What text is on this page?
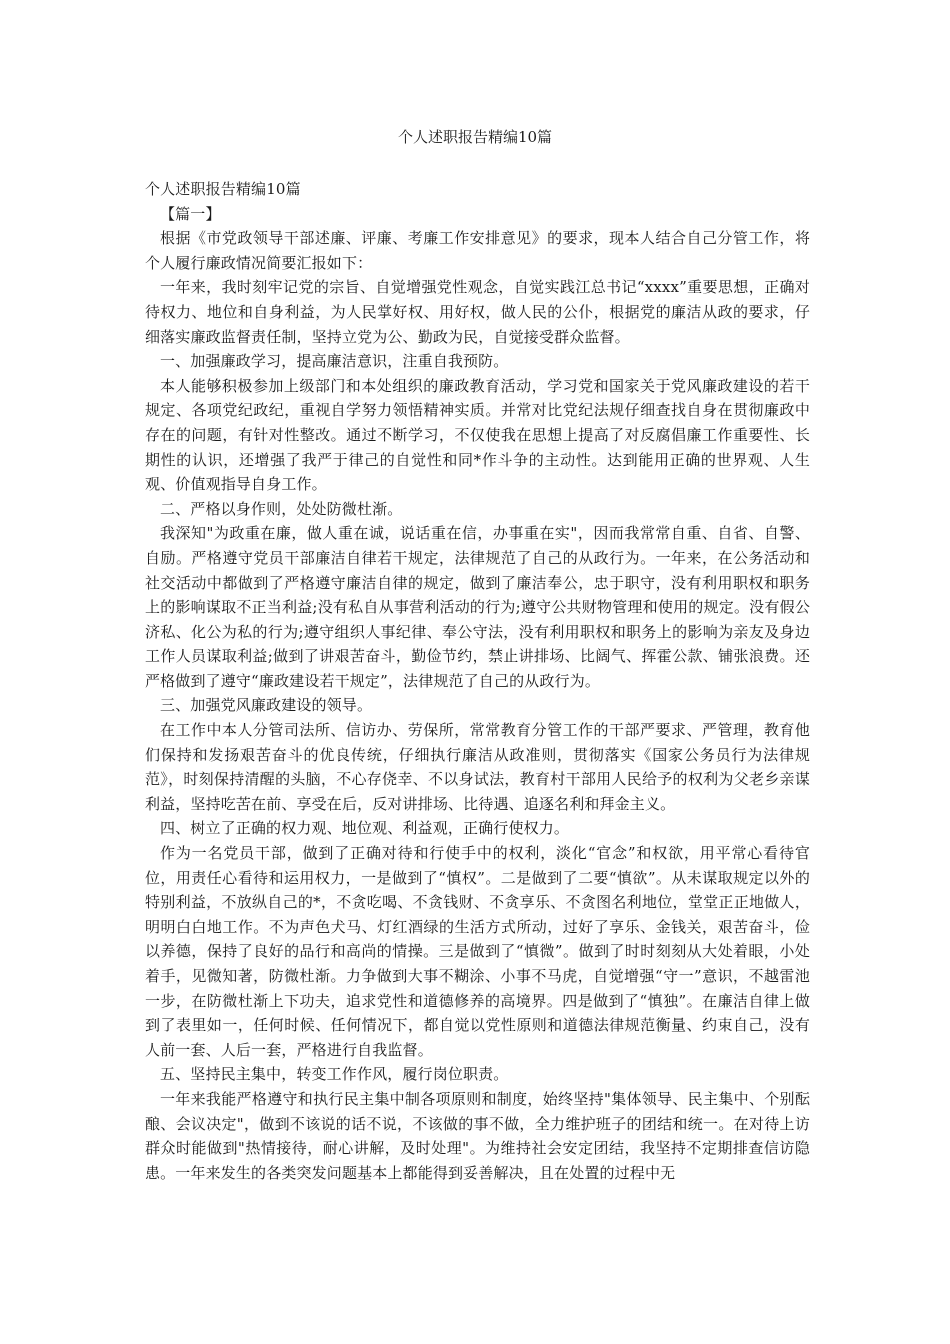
个人述职报告精编10篇

个人述职报告精编10篇

【篇一】

根据《市党政领导干部述廉、评廉、考廉工作安排意见》的要求，现本人结合自己分管工作，将个人履行廉政情况简要汇报如下：

一年来，我时刻牢记党的宗旨、自觉增强党性观念，自觉实践江总书记“xxxx”重要思想，正确对待权力、地位和自身利益，为人民掌好权、用好权，做人民的公仆，根据党的廉洁从政的要求，仔细落实廉政监督责任制，坚持立党为公、勤政为民，自觉接受群众监督。

一、加强廉政学习，提高廉洁意识，注重自我预防。

本人能够积极参加上级部门和本处组织的廉政教育活动，学习党和国家关于党风廉政建设的若干规定、各项党纪政纪，重视自学努力领悟精神实质。并常对比党纪法规仔细查找自身在贯彻廉政中存在的问题，有针对性整改。通过不断学习，不仅使我在思想上提高了对反腐倡廉工作重要性、长期性的认识，还增强了我严于律己的自觉性和同*作斗争的主动性。达到能用正确的世界观、人生观、价值观指导自身工作。

二、严格以身作则，处处防微杜渐。

我深知"为政重在廉，做人重在诚，说话重在信，办事重在实"，因而我常常自重、自省、自警、自励。严格遵守党员干部廉洁自律若干规定，法律规范了自己的从政行为。一年来，在公务活动和社交活动中都做到了严格遵守廉洁自律的规定，做到了廉洁奉公，忠于职守，没有利用职权和职务上的影响谋取不正当利益;没有私自从事营利活动的行为;遵守公共财物管理和使用的规定。没有假公济私、化公为私的行为;遵守组织人事纪律、奉公守法，没有利用职权和职务上的影响为亲友及身边工作人员谋取利益;做到了讲艰苦奋斗，勤俭节约，禁止讲排场、比阔气、挥霍公款、铺张浪费。还严格做到了遵守“廉政建设若干规定”，法律规范了自己的从政行为。

三、加强党风廉政建设的领导。

在工作中本人分管司法所、信访办、劳保所，常常教育分管工作的干部严要求、严管理，教育他们保持和发扬艰苦奋斗的优良传统，仔细执行廉洁从政准则，贯彻落实《国家公务员行为法律规范》，时刻保持清醒的头脑，不心存侥幸、不以身试法，教育村干部用人民给予的权利为父老乡亲谋利益，坚持吃苦在前、享受在后，反对讲排场、比待遇、追逐名利和拜金主义。

四、树立了正确的权力观、地位观、利益观，正确行使权力。

作为一名党员干部，做到了正确对待和行使手中的权利，淡化“官念”和权欲，用平常心看待官位，用责任心看待和运用权力，一是做到了“慎权”。二是做到了二要“慎欲”。从未谋取规定以外的特别利益，不放纵自己的*，不贪吃喝、不贪钱财、不贪享乐、不贪图名利地位，堂堂正正地做人，明明白白地工作。不为声色犬马、灯红酒绿的生活方式所动，过好了享乐、金钱关，艰苦奋斗，俭以养德，保持了良好的品行和高尚的情操。三是做到了“慎微”。做到了时时刻刻从大处着眼，小处着手，见微知著，防微杜渐。力争做到大事不糊涂、小事不马虎，自觉增强“守一”意识，不越雷池一步，在防微杜渐上下功夫，追求党性和道德修养的高境界。四是做到了“慎独”。在廉洁自律上做到了表里如一，任何时候、任何情况下，都自觉以党性原则和道德法律规范衡量、约束自己，没有人前一套、人后一套，严格进行自我监督。

五、坚持民主集中，转变工作作风，履行岗位职责。

一年来我能严格遵守和执行民主集中制各项原则和制度，始终坚持"集体领导、民主集中、个别酝酿、会议决定"，做到不该说的话不说，不该做的事不做，全力维护班子的团结和统一。在对待上访群众时能做到"热情接待，耐心讲解，及时处理"。为维持社会安定团结，我坚持不定期排查信访隐患。一年来发生的各类突发问题基本上都能得到妥善解决，且在处置的过程中无
